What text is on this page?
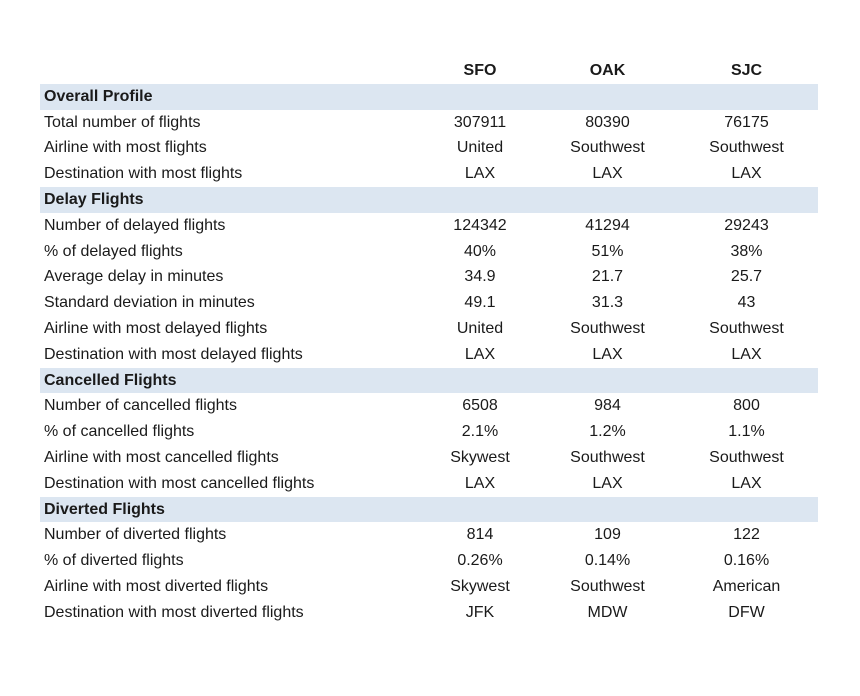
	SFO	OAK	SJC
Overall Profile			
Total number of flights	307911	80390	76175
Airline with most flights	United	Southwest	Southwest
Destination with most flights	LAX	LAX	LAX
Delay Flights			
Number of delayed flights	124342	41294	29243
% of delayed flights	40%	51%	38%
Average delay in minutes	34.9	21.7	25.7
Standard deviation in minutes	49.1	31.3	43
Airline with most delayed flights	United	Southwest	Southwest
Destination with most delayed flights	LAX	LAX	LAX
Cancelled Flights			
Number of cancelled flights	6508	984	800
% of cancelled flights	2.1%	1.2%	1.1%
Airline with most cancelled flights	Skywest	Southwest	Southwest
Destination with most cancelled flights	LAX	LAX	LAX
Diverted Flights			
Number of diverted flights	814	109	122
% of diverted flights	0.26%	0.14%	0.16%
Airline with most diverted flights	Skywest	Southwest	American
Destination with most diverted flights	JFK	MDW	DFW
